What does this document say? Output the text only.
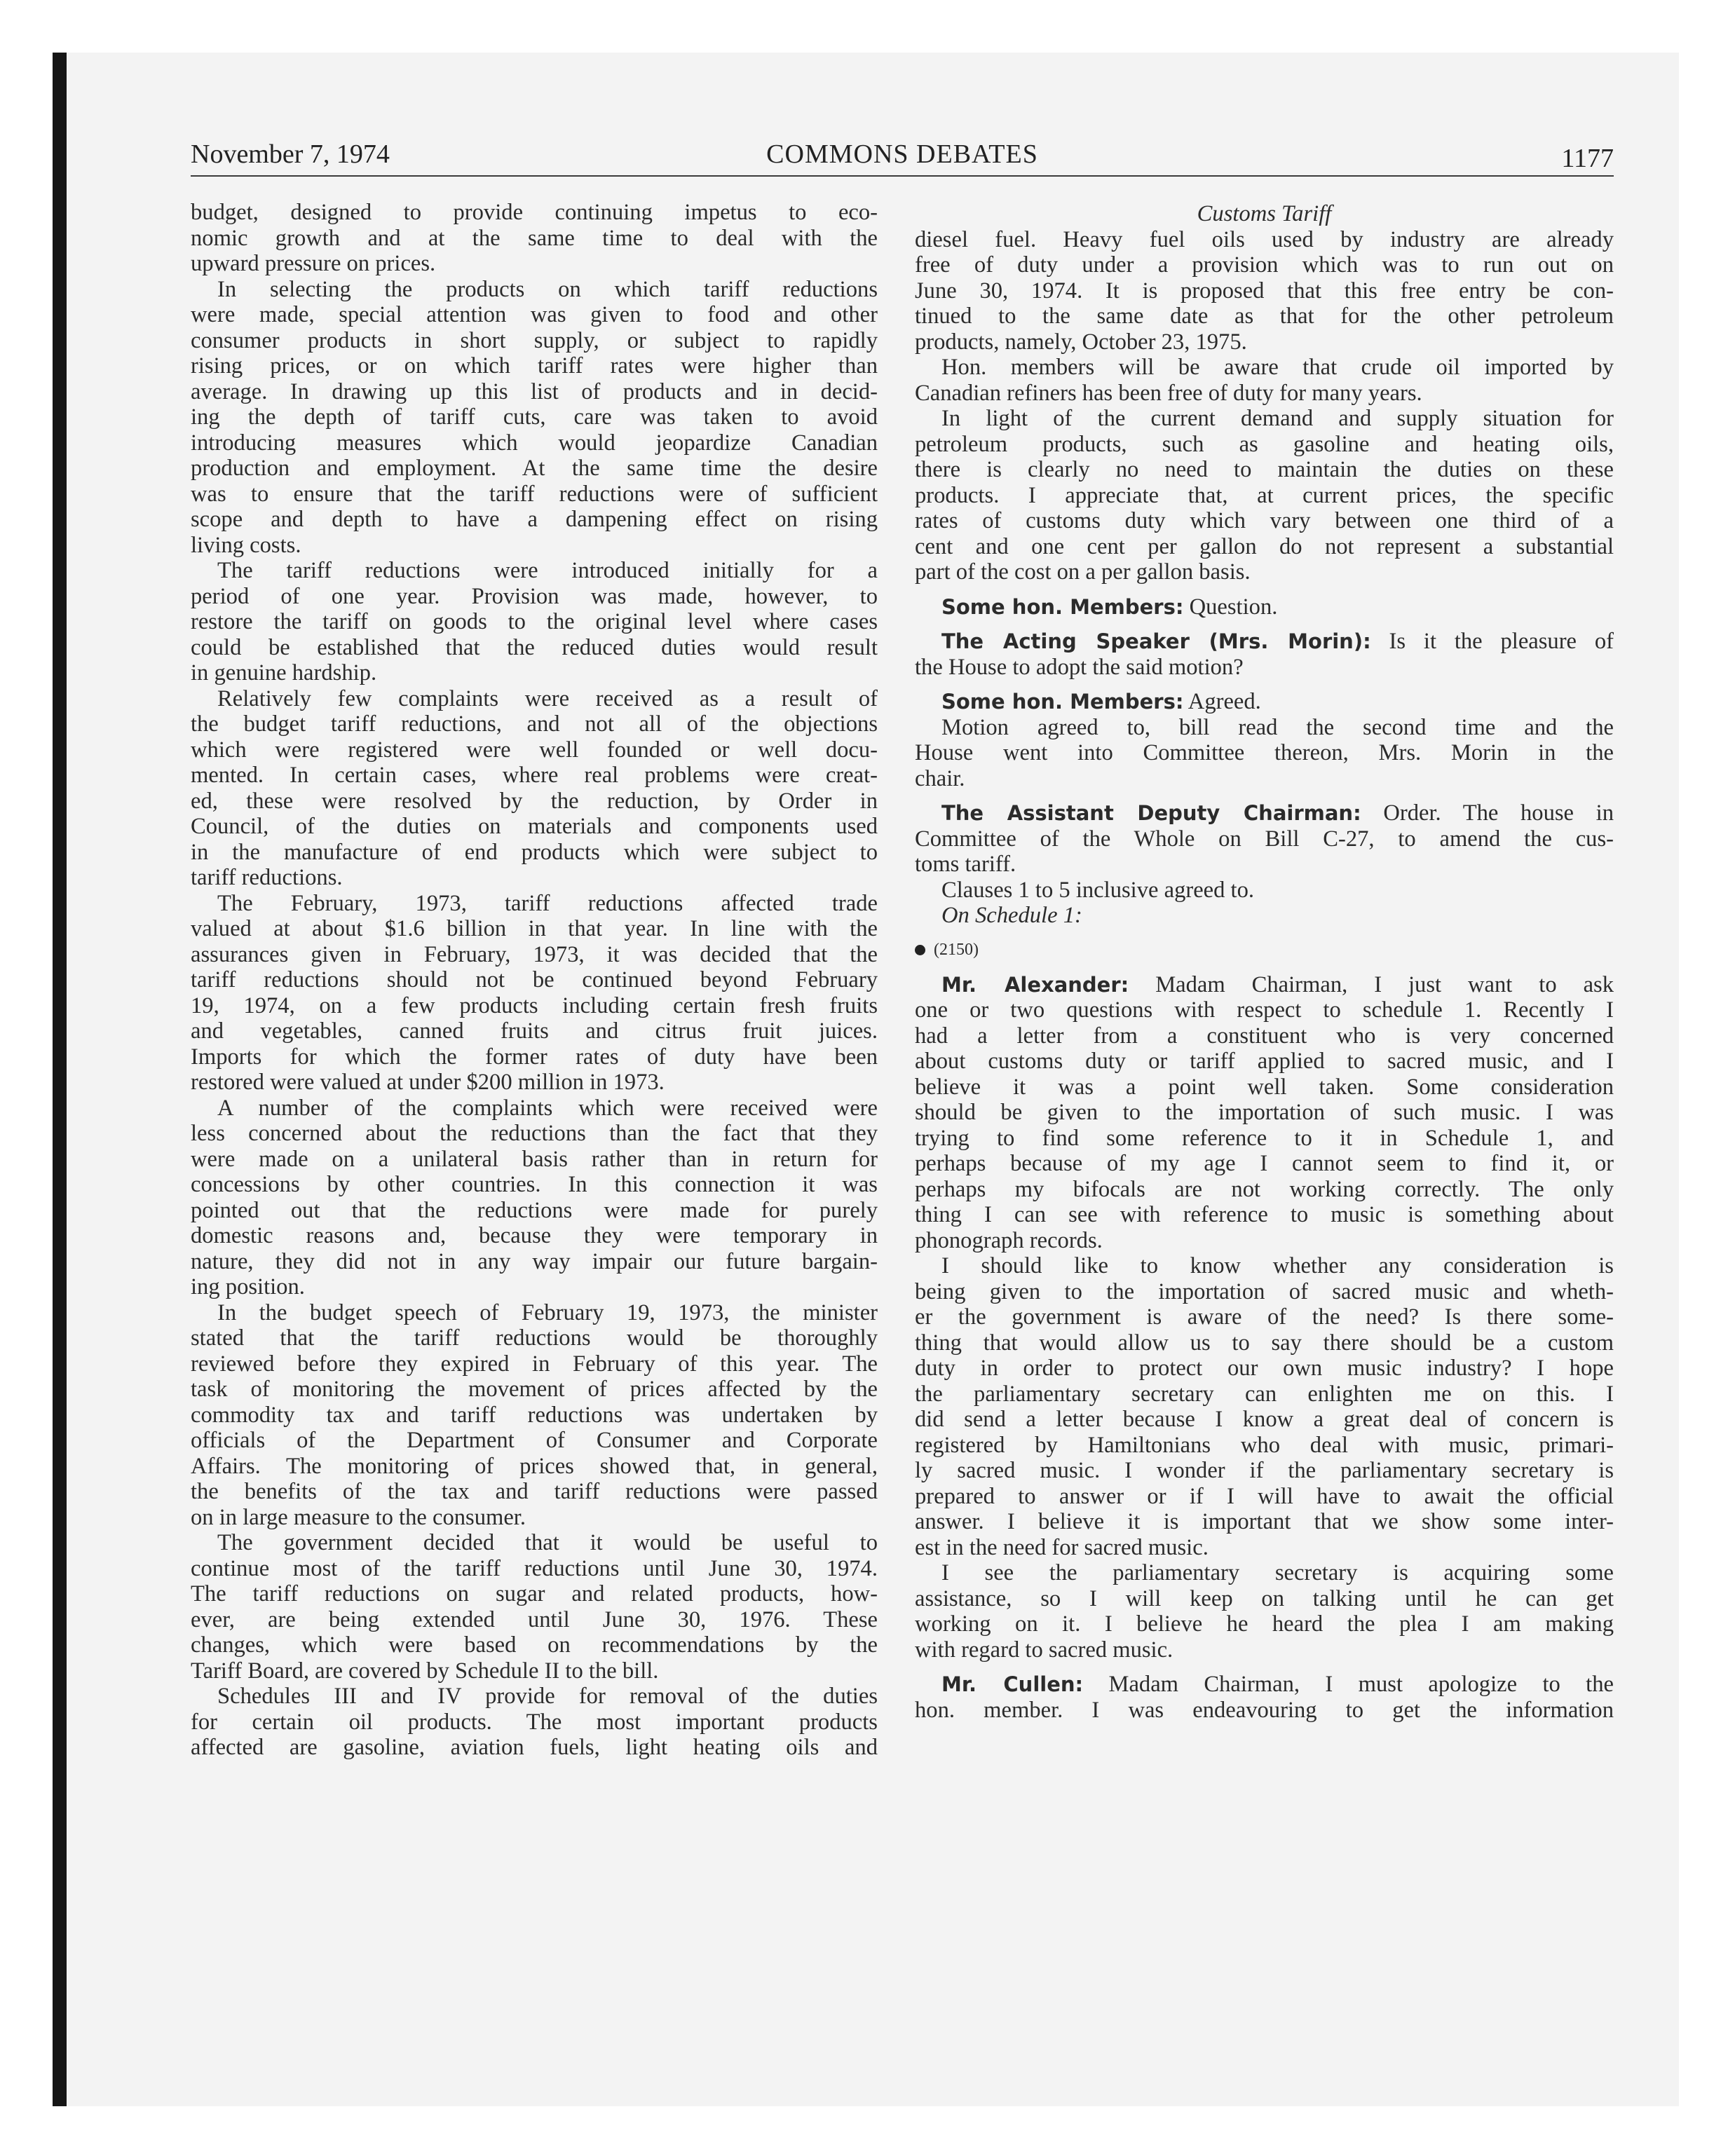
November 7, 1974	COMMONS DEBATES	1177
budget, designed to provide continuing impetus to eco-
nomic growth and at the same time to deal with the
upward pressure on prices.
In selecting the products on which tariff reductions
were made, special attention was given to food and other
consumer products in short supply, or subject to rapidly
rising prices, or on which tariff rates were higher than
average. In drawing up this list of products and in decid-
ing the depth of tariff cuts, care was taken to avoid
introducing measures which would jeopardize Canadian
production and employment. At the same time the desire
was to ensure that the tariff reductions were of sufficient
scope and depth to have a dampening effect on rising
living costs.
The tariff reductions were introduced initially for a
period of one year. Provision was made, however, to
restore the tariff on goods to the original level where cases
could be established that the reduced duties would result
in genuine hardship.
Relatively few complaints were received as a result of
the budget tariff reductions, and not all of the objections
which were registered were well founded or well docu-
mented. In certain cases, where real problems were creat-
ed, these were resolved by the reduction, by Order in
Council, of the duties on materials and components used
in the manufacture of end products which were subject to
tariff reductions.
The February, 1973, tariff reductions affected trade
valued at about $1.6 billion in that year. In line with the
assurances given in February, 1973, it was decided that the
tariff reductions should not be continued beyond February
19, 1974, on a few products including certain fresh fruits
and vegetables, canned fruits and citrus fruit juices.
Imports for which the former rates of duty have been
restored were valued at under $200 million in 1973.
A number of the complaints which were received were
less concerned about the reductions than the fact that they
were made on a unilateral basis rather than in return for
concessions by other countries. In this connection it was
pointed out that the reductions were made for purely
domestic reasons and, because they were temporary in
nature, they did not in any way impair our future bargain-
ing position.
In the budget speech of February 19, 1973, the minister
stated that the tariff reductions would be thoroughly
reviewed before they expired in February of this year. The
task of monitoring the movement of prices affected by the
commodity tax and tariff reductions was undertaken by
officials of the Department of Consumer and Corporate
Affairs. The monitoring of prices showed that, in general,
the benefits of the tax and tariff reductions were passed
on in large measure to the consumer.
The government decided that it would be useful to
continue most of the tariff reductions until June 30, 1974.
The tariff reductions on sugar and related products, how-
ever, are being extended until June 30, 1976. These
changes, which were based on recommendations by the
Tariff Board, are covered by Schedule II to the bill.
Schedules III and IV provide for removal of the duties
for certain oil products. The most important products
affected are gasoline, aviation fuels, light heating oils and
Customs Tariff
diesel fuel. Heavy fuel oils used by industry are already
free of duty under a provision which was to run out on
June 30, 1974. It is proposed that this free entry be con-
tinued to the same date as that for the other petroleum
products, namely, October 23, 1975.
Hon. members will be aware that crude oil imported by
Canadian refiners has been free of duty for many years.
In light of the current demand and supply situation for
petroleum products, such as gasoline and heating oils,
there is clearly no need to maintain the duties on these
products. I appreciate that, at current prices, the specific
rates of customs duty which vary between one third of a
cent and one cent per gallon do not represent a substantial
part of the cost on a per gallon basis.
Some hon. Members: Question.
The Acting Speaker (Mrs. Morin): Is it the pleasure of
the House to adopt the said motion?
Some hon. Members: Agreed.
Motion agreed to, bill read the second time and the
House went into Committee thereon, Mrs. Morin in the
chair.
The Assistant Deputy Chairman: Order. The house in
Committee of the Whole on Bill C-27, to amend the cus-
toms tariff.
Clauses 1 to 5 inclusive agreed to.
On Schedule 1:
(2150)
Mr. Alexander: Madam Chairman, I just want to ask
one or two questions with respect to schedule 1. Recently I
had a letter from a constituent who is very concerned
about customs duty or tariff applied to sacred music, and I
believe it was a point well taken. Some consideration
should be given to the importation of such music. I was
trying to find some reference to it in Schedule 1, and
perhaps because of my age I cannot seem to find it, or
perhaps my bifocals are not working correctly. The only
thing I can see with reference to music is something about
phonograph records.
I should like to know whether any consideration is
being given to the importation of sacred music and wheth-
er the government is aware of the need? Is there some-
thing that would allow us to say there should be a custom
duty in order to protect our own music industry? I hope
the parliamentary secretary can enlighten me on this. I
did send a letter because I know a great deal of concern is
registered by Hamiltonians who deal with music, primari-
ly sacred music. I wonder if the parliamentary secretary is
prepared to answer or if I will have to await the official
answer. I believe it is important that we show some inter-
est in the need for sacred music.
I see the parliamentary secretary is acquiring some
assistance, so I will keep on talking until he can get
working on it. I believe he heard the plea I am making
with regard to sacred music.
Mr. Cullen: Madam Chairman, I must apologize to the
hon. member. I was endeavouring to get the information
